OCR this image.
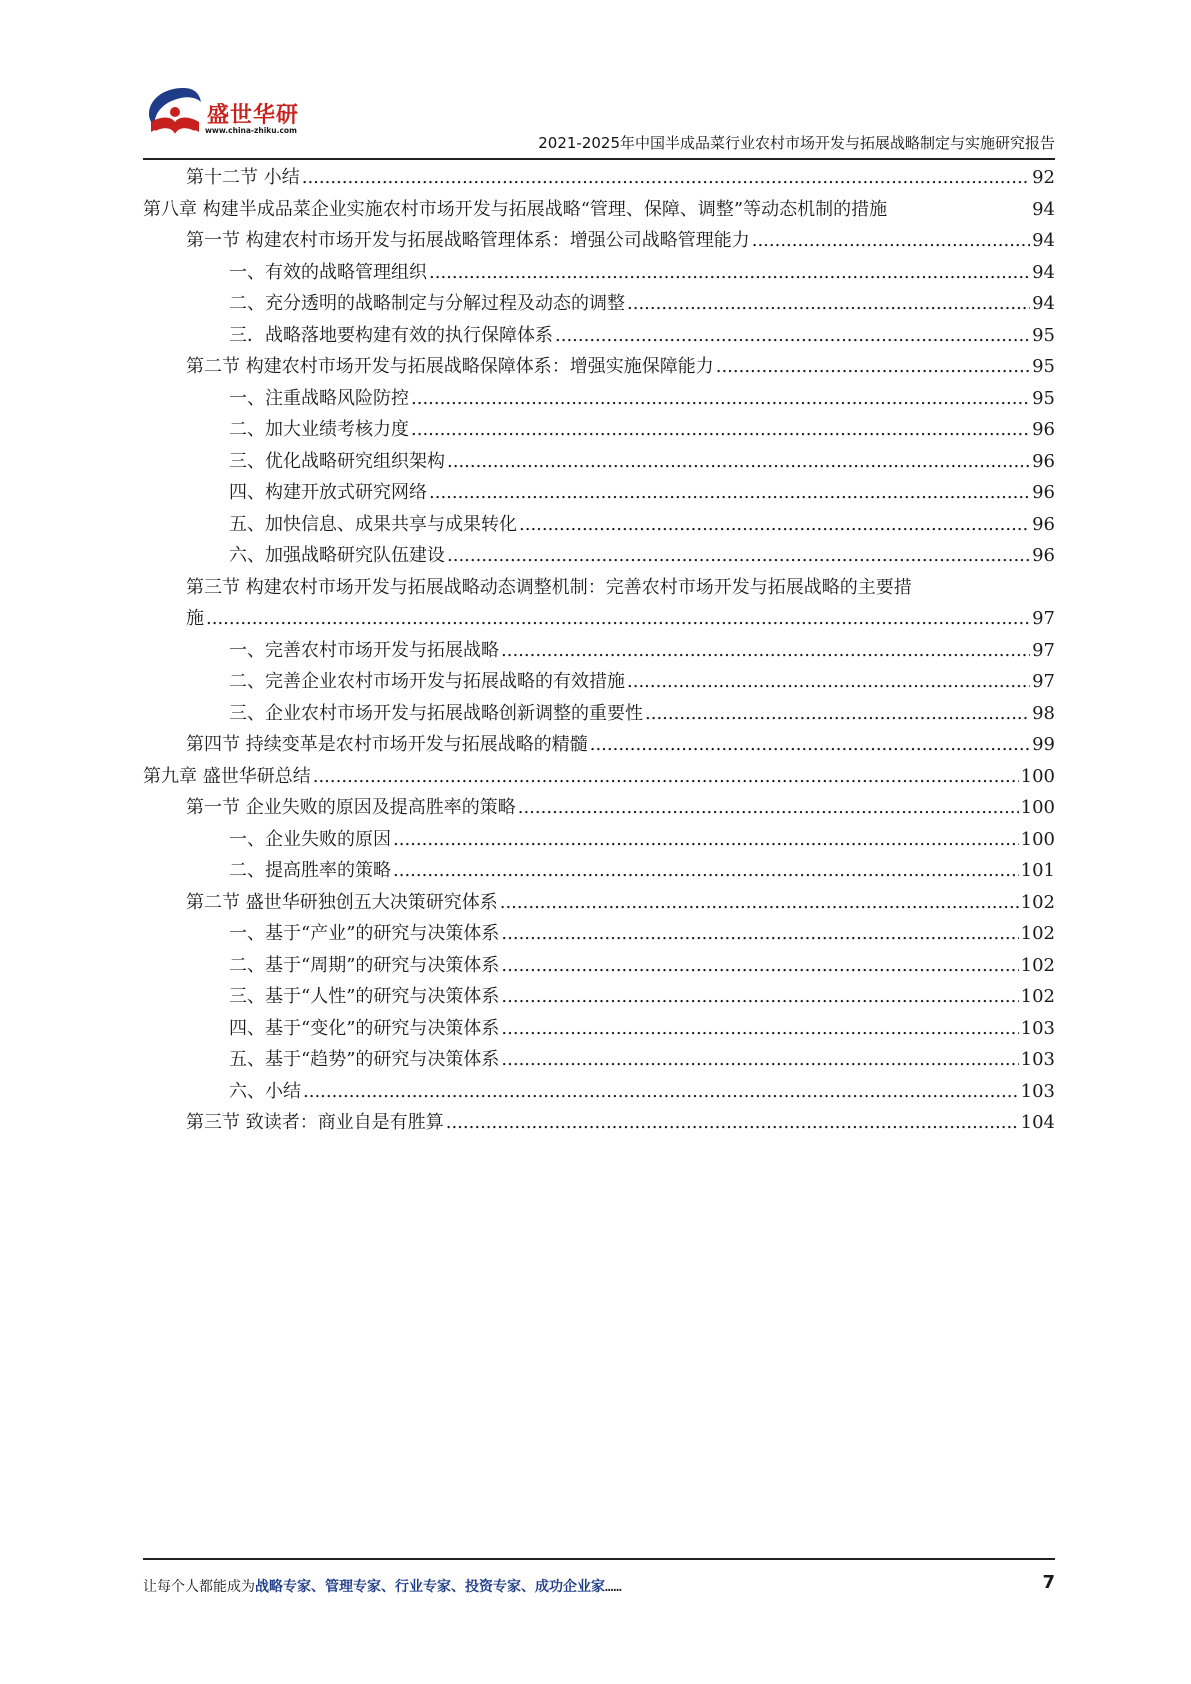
盛世华研
www.china-zhiku.com
2021-2025年中国半成品菜行业农村市场开发与拓展战略制定与实施研究报告
第十二节 小结 .....	92
第八章 构建半成品菜企业实施农村市场开发与拓展战略“管理、保障、调整”等动态机制的措施	94
第一节 构建农村市场开发与拓展战略管理体系：增强公司战略管理能力 .....	94
一、有效的战略管理组织 .....	94
二、充分透明的战略制定与分解过程及动态的调整 .....	94
三．战略落地要构建有效的执行保障体系 .....	95
第二节 构建农村市场开发与拓展战略保障体系：增强实施保障能力 .....	95
一、注重战略风险防控 .....	95
二、加大业绩考核力度 .....	96
三、优化战略研究组织架构 .....	96
四、构建开放式研究网络 .....	96
五、加快信息、成果共享与成果转化 .....	96
六、加强战略研究队伍建设 .....	96
第三节 构建农村市场开发与拓展战略动态调整机制：完善农村市场开发与拓展战略的主要措
施 .....	97
一、完善农村市场开发与拓展战略 .....	97
二、完善企业农村市场开发与拓展战略的有效措施 .....	97
三、企业农村市场开发与拓展战略创新调整的重要性 .....	98
第四节 持续变革是农村市场开发与拓展战略的精髓 .....	99
第九章 盛世华研总结 .....	100
第一节 企业失败的原因及提高胜率的策略 .....	100
一、企业失败的原因 .....	100
二、提高胜率的策略 .....	101
第二节 盛世华研独创五大决策研究体系 .....	102
一、基于“产业”的研究与决策体系 .....	102
二、基于“周期”的研究与决策体系 .....	102
三、基于“人性”的研究与决策体系 .....	102
四、基于“变化”的研究与决策体系 .....	103
五、基于“趋势”的研究与决策体系 .....	103
六、小结 .....	103
第三节 致读者：商业自是有胜算 .....	104
让每个人都能成为战略专家、管理专家、行业专家、投资专家、成功企业家……	7
